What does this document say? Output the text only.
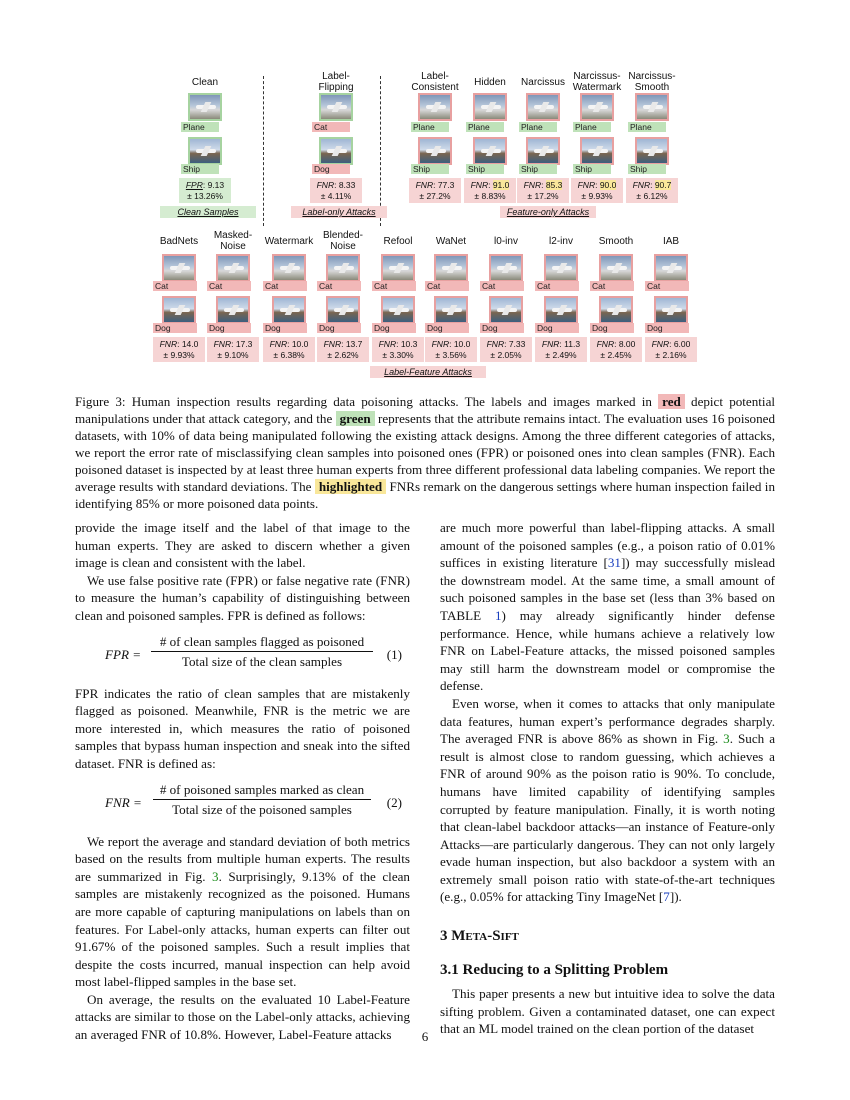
Clean
Plane
Ship
FPR: 9.13
± 13.26%
Label-
Flipping
Cat
Dog
FNR: 8.33
± 4.11%
Label-
Consistent
Plane
Ship
FNR: 77.3
± 27.2%
Hidden
Plane
Ship
FNR: 91.0
± 8.83%
Narcissus
Plane
Ship
FNR: 85.3
± 17.2%
Narcissus-
Watermark
Plane
Ship
FNR: 90.0
± 9.93%
Narcissus-
Smooth
Plane
Ship
FNR: 90.7
± 6.12%
Clean Samples	Label-only Attacks	Feature-only Attacks
BadNets
Cat
Dog
FNR: 14.0
± 9.93%
Masked-
Noise
Cat
Dog
FNR: 17.3
± 9.10%
Watermark
Cat
Dog
FNR: 10.0
± 6.38%
Blended-
Noise
Cat
Dog
FNR: 13.7
± 2.62%
Refool
Cat
Dog
FNR: 10.3
± 3.30%
WaNet
Cat
Dog
FNR: 10.0
± 3.56%
l0-inv
Cat
Dog
FNR: 7.33
± 2.05%
l2-inv
Cat
Dog
FNR: 11.3
± 2.49%
Smooth
Cat
Dog
FNR: 8.00
± 2.45%
IAB
Cat
Dog
FNR: 6.00
± 2.16%
Label-Feature Attacks
Figure 3: Human inspection results regarding data poisoning attacks. The labels and images marked in red depict potential manipulations under that attack category, and the green represents that the attribute remains intact. The evaluation uses 16 poisoned datasets, with 10% of data being manipulated following the existing attack designs. Among the three different categories of attacks, we report the error rate of misclassifying clean samples into poisoned ones (FPR) or poisoned ones into clean samples (FNR). Each poisoned dataset is inspected by at least three human experts from three different professional data labeling companies. We report the average results with standard deviations. The highlighted FNRs remark on the dangerous settings where human inspection failed in identifying 85% or more poisoned data points.

provide the image itself and the label of that image to the human experts. They are asked to discern whether a given image is clean and consistent with the label.

We use false positive rate (FPR) or false negative rate (FNR) to measure the human’s capability of distinguishing between clean and poisoned samples. FPR is defined as follows:

FPR =
# of clean samples flagged as poisoned
Total size of the clean samples
(1)

FPR indicates the ratio of clean samples that are mistakenly flagged as poisoned. Meanwhile, FNR is the metric we are more interested in, which measures the ratio of poisoned samples that bypass human inspection and sneak into the sifted dataset. FNR is defined as:

FNR =
# of poisoned samples marked as clean
Total size of the poisoned samples
(2)

We report the average and standard deviation of both metrics based on the results from multiple human experts. The results are summarized in Fig. 3. Surprisingly, 9.13% of the clean samples are mistakenly recognized as the poisoned. Humans are more capable of capturing manipulations on labels than on features. For Label-only attacks, human experts can filter out 91.67% of the poisoned samples. Such a result implies that despite the costs incurred, manual inspection can help avoid most label-flipped samples in the base set.

On average, the results on the evaluated 10 Label-Feature attacks are similar to those on the Label-only attacks, achieving an averaged FNR of 10.8%. However, Label-Feature attacks

are much more powerful than label-flipping attacks. A small amount of the poisoned samples (e.g., a poison ratio of 0.01% suffices in existing literature [31]) may successfully mislead the downstream model. At the same time, a small amount of such poisoned samples in the base set (less than 3% based on TABLE 1) may already significantly hinder defense performance. Hence, while humans achieve a relatively low FNR on Label-Feature attacks, the missed poisoned samples may still harm the downstream model or compromise the defense.

Even worse, when it comes to attacks that only manipulate data features, human expert’s performance degrades sharply. The averaged FNR is above 86% as shown in Fig. 3. Such a result is almost close to random guessing, which achieves a FNR of around 90% as the poison ratio is 90%. To conclude, humans have limited capability of identifying samples corrupted by feature manipulation. Finally, it is worth noting that clean-label backdoor attacks—an instance of Feature-only Attacks—are particularly dangerous. They can not only largely evade human inspection, but also backdoor a system with an extremely small poison ratio with state-of-the-art techniques (e.g., 0.05% for attacking Tiny ImageNet [7]).

3 Meta-Sift

3.1 Reducing to a Splitting Problem

This paper presents a new but intuitive idea to solve the data sifting problem. Given a contaminated dataset, one can expect that an ML model trained on the clean portion of the dataset

6
